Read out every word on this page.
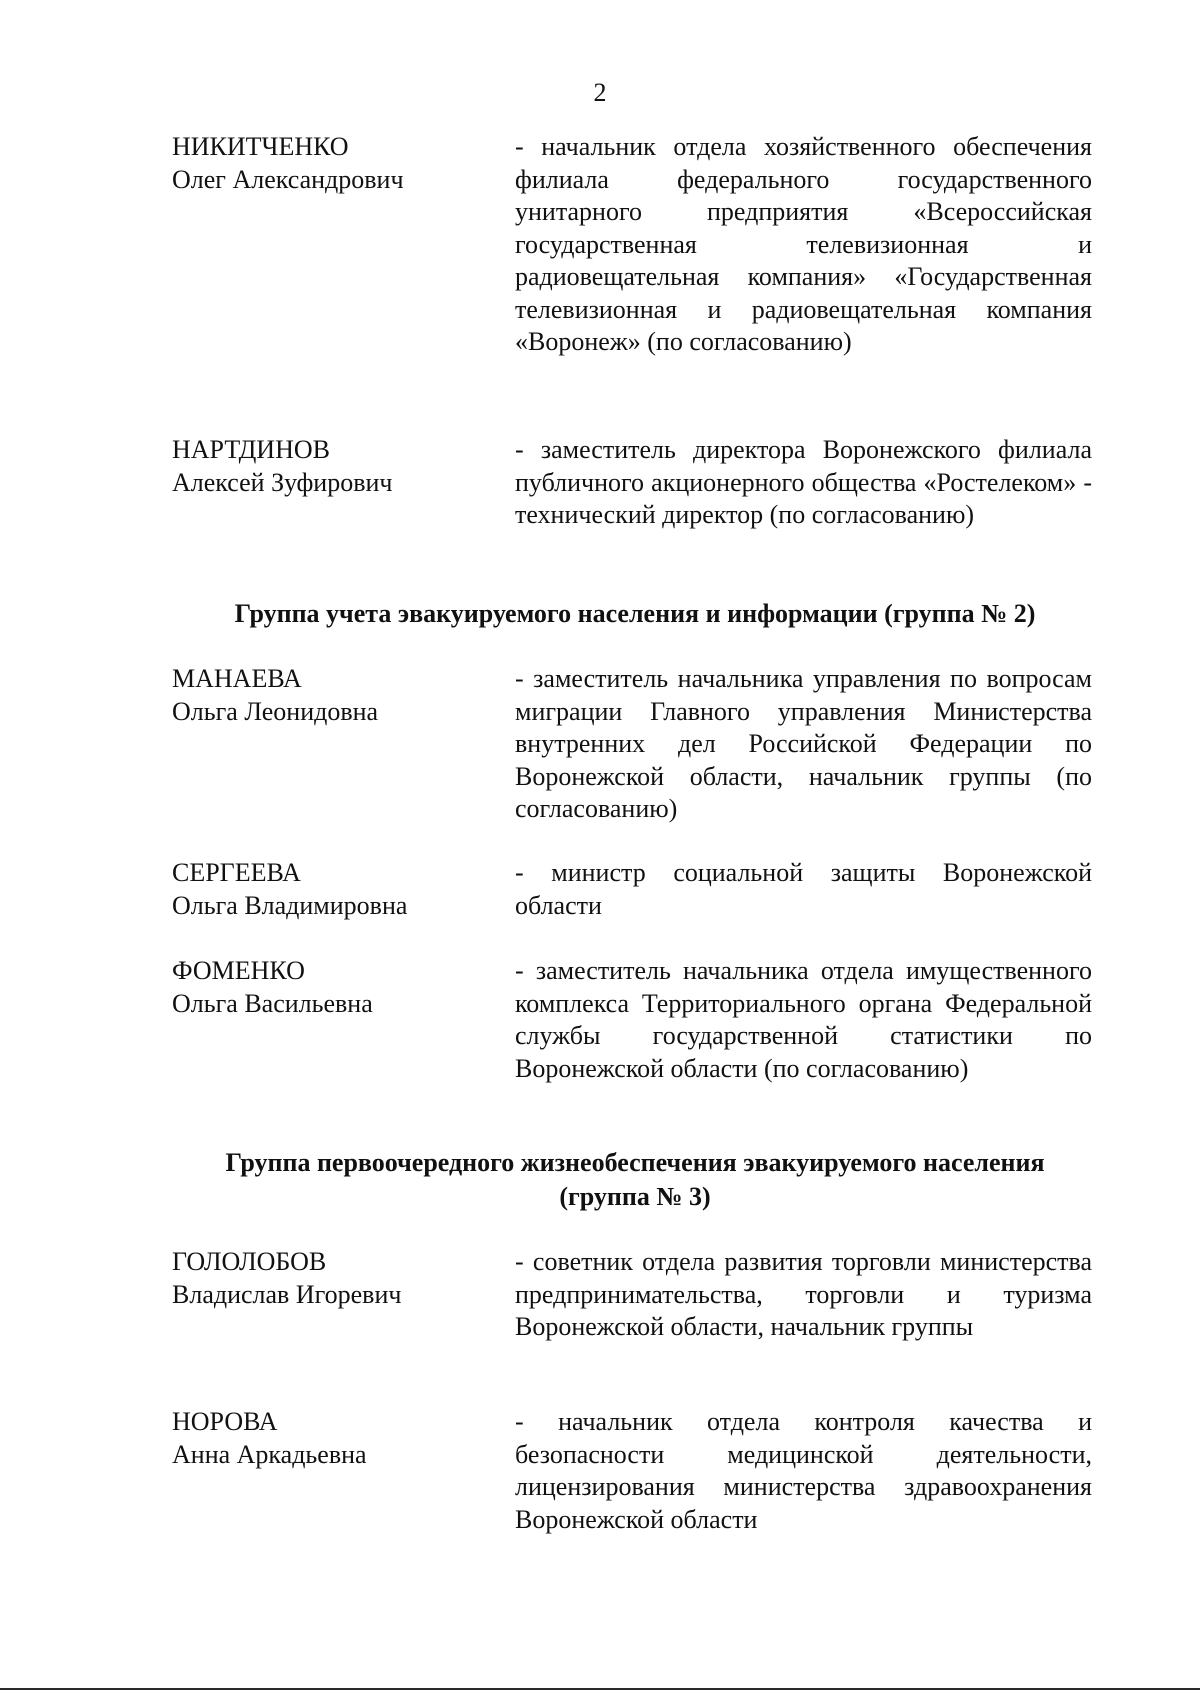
2
НИКИТЧЕНКО
Олег Александрович
- начальник отдела хозяйственного обеспечения филиала федерального государственного унитарного предприятия «Всероссийская государственная телевизионная и радиовещательная компания» «Государственная телевизионная и радиовещательная компания «Воронеж» (по согласованию)
НАРТДИНОВ
Алексей Зуфирович
- заместитель директора Воронежского филиала публичного акционерного общества «Ростелеком» - технический директор (по согласованию)
Группа учета эвакуируемого населения и информации (группа № 2)
МАНАЕВА
Ольга Леонидовна
- заместитель начальника управления по вопросам миграции Главного управления Министерства внутренних дел Российской Федерации по Воронежской области, начальник группы (по согласованию)
СЕРГЕЕВА
Ольга Владимировна
- министр социальной защиты Воронежской области
ФОМЕНКО
Ольга Васильевна
- заместитель начальника отдела имущественного комплекса Территориального органа Федеральной службы государственной статистики по Воронежской области (по согласованию)
Группа первоочередного жизнеобеспечения эвакуируемого населения
(группа № 3)
ГОЛОЛОБОВ
Владислав Игоревич
- советник отдела развития торговли министерства предпринимательства, торговли и туризма Воронежской области, начальник группы
НОРОВА
Анна Аркадьевна
- начальник отдела контроля качества и безопасности медицинской деятельности, лицензирования министерства здравоохранения Воронежской области
